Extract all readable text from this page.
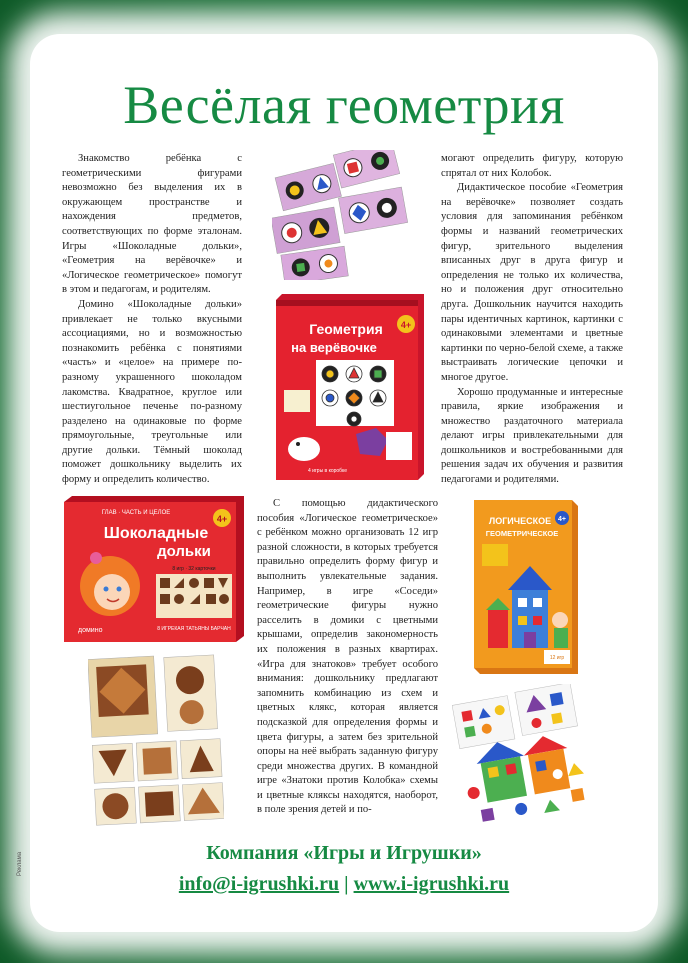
Весёлая геометрия

Знакомство ребёнка с геометрическими фигурами невозможно без выделения их в окружающем пространстве и нахождения предметов, соответствующих по форме эталонам. Игры «Шоколадные дольки», «Геометрия на верёвочке» и «Логическое геометрическое» помогут в этом и педагогам, и родителям.

Домино «Шоколадные дольки» привлекает не только вкусными ассоциациями, но и возможностью познакомить ребёнка с понятиями «часть» и «целое» на примере по-разному украшенного шоколадом лакомства. Квадратное, круглое или шестиугольное печенье по-разному разделено на одинаковые по форме прямоугольные, треугольные или другие дольки. Тёмный шоколад поможет дошкольнику выделить их форму и определить количество.

могают определить фигуру, которую спрятал от них Колобок.

Дидактическое пособие «Геометрия на верёвочке» позволяет создать условия для запоминания ребёнком формы и названий геометрических фигур, зрительного выделения вписанных друг в друга фигур и определения не только их количества, но и положения друг относительно друга. Дошкольник научится находить пары идентичных картинок, картинки с одинаковыми элементами и цветные картинки по черно-белой схеме, а также выстраивать логические цепочки и многое другое.

Хорошо продуманные и интересные правила, яркие изображения и множество раздаточного материала делают игры привлекательными для дошкольников и востребованными для решения задач их обучения и развития педагогами и родителями.

С помощью дидактического пособия «Логическое геометрическое» с ребёнком можно организовать 12 игр разной сложности, в которых требуется правильно определить форму фигур и выполнить увлекательные задания. Например, в игре «Соседи» геометрические фигуры нужно расселить в домики с цветными крышами, определив закономерность их положения в разных квартирах. «Игра для знатоков» требует особого внимания: дошкольнику предлагают запомнить комбинацию из схем и цветных клякс, которая является подсказкой для определения формы и цвета фигуры, а затем без зрительной опоры на неё выбрать заданную фигуру среди множества других. В командной игре «Знатоки против Колобка» схемы и цветные кляксы находятся, наоборот, в поле зрения детей и по-

Геометрия
на верёвочке
4+
4 игры в коробке
ГЛАВ · ЧАСТЬ И ЦЕЛОЕ
Шоколадные
дольки
4+
8 игр · 32 карточки
домино	8 ИГРЕКАЯ ТАТЬЯНЫ БАРЧАН
ЛОГИЧЕСКОЕ
ГЕОМЕТРИЧЕСКОЕ
4+
12 игр
Компания «Игры и Игрушки»
info@i-igrushki.ru | www.i-igrushki.ru
Реклама
